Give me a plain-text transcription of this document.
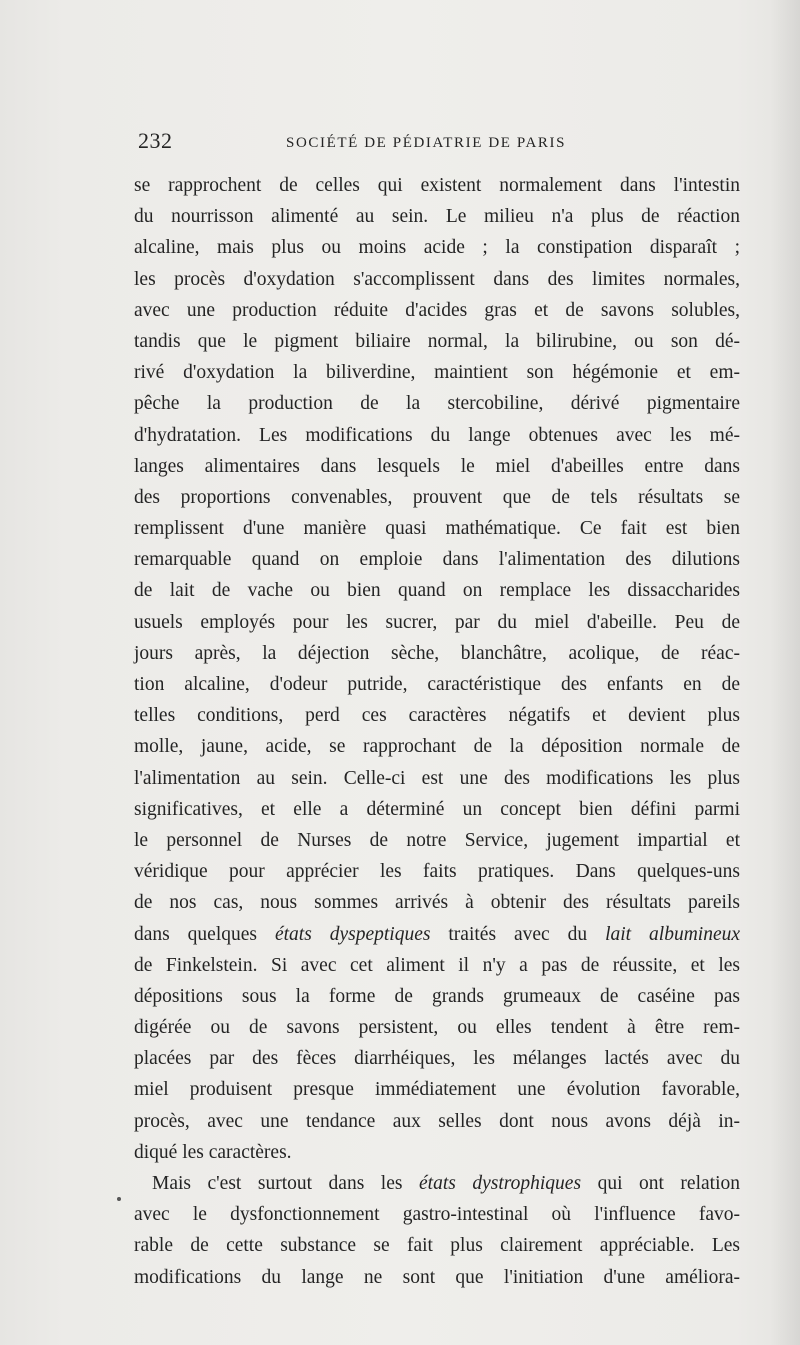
232	SOCIÉTÉ DE PÉDIATRIE DE PARIS
se rapprochent de celles qui existent normalement dans l'intestin
du nourrisson alimenté au sein. Le milieu n'a plus de réaction
alcaline, mais plus ou moins acide ; la constipation disparaît ;
les procès d'oxydation s'accomplissent dans des limites normales,
avec une production réduite d'acides gras et de savons solubles,
tandis que le pigment biliaire normal, la bilirubine, ou son dé-
rivé d'oxydation la biliverdine, maintient son hégémonie et em-
pêche la production de la stercobiline, dérivé pigmentaire
d'hydratation. Les modifications du lange obtenues avec les mé-
langes alimentaires dans lesquels le miel d'abeilles entre dans
des proportions convenables, prouvent que de tels résultats se
remplissent d'une manière quasi mathématique. Ce fait est bien
remarquable quand on emploie dans l'alimentation des dilutions
de lait de vache ou bien quand on remplace les dissaccharides
usuels employés pour les sucrer, par du miel d'abeille. Peu de
jours après, la déjection sèche, blanchâtre, acolique, de réac-
tion alcaline, d'odeur putride, caractéristique des enfants en de
telles conditions, perd ces caractères négatifs et devient plus
molle, jaune, acide, se rapprochant de la déposition normale de
l'alimentation au sein. Celle-ci est une des modifications les plus
significatives, et elle a déterminé un concept bien défini parmi
le personnel de Nurses de notre Service, jugement impartial et
véridique pour apprécier les faits pratiques. Dans quelques-uns
de nos cas, nous sommes arrivés à obtenir des résultats pareils
dans quelques états dyspeptiques traités avec du lait albumineux
de Finkelstein. Si avec cet aliment il n'y a pas de réussite, et les
dépositions sous la forme de grands grumeaux de caséine pas
digérée ou de savons persistent, ou elles tendent à être rem-
placées par des fèces diarrhéiques, les mélanges lactés avec du
miel produisent presque immédiatement une évolution favorable,
procès, avec une tendance aux selles dont nous avons déjà in-
diqué les caractères.
Mais c'est surtout dans les états dystrophiques qui ont relation
avec le dysfonctionnement gastro-intestinal où l'influence favo-
rable de cette substance se fait plus clairement appréciable. Les
modifications du lange ne sont que l'initiation d'une améliora-
